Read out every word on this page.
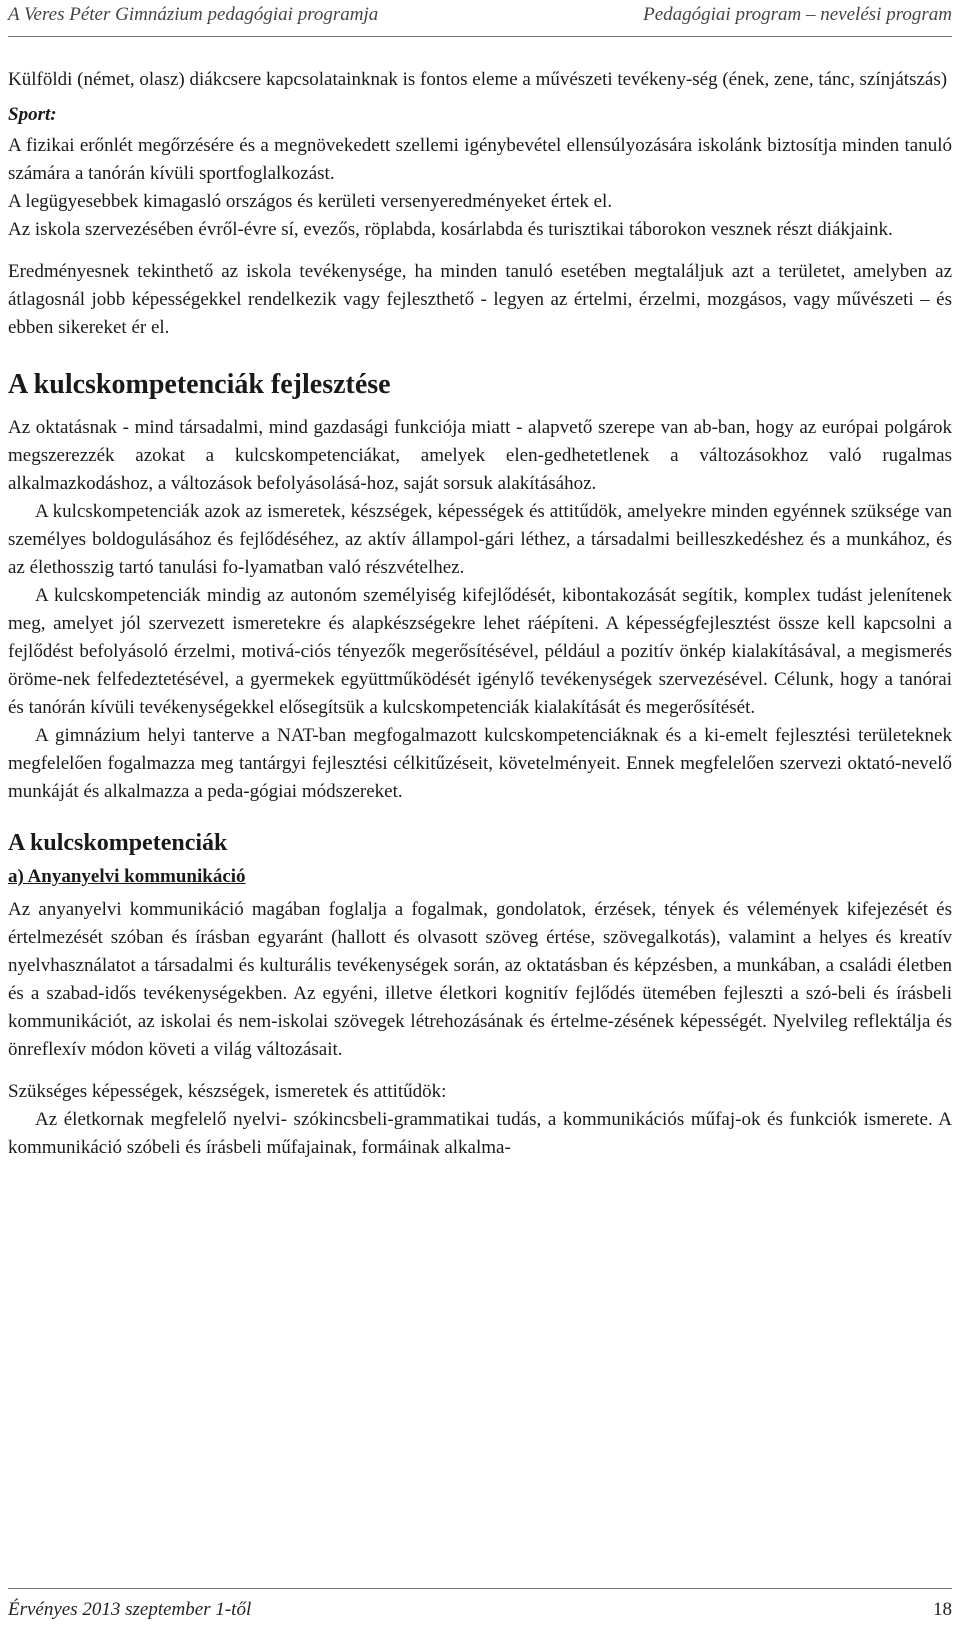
A Veres Péter Gimnázium pedagógiai programja	Pedagógiai program – nevelési program

Külföldi (német, olasz) diákcsere kapcsolatainknak is fontos eleme a művészeti tevékeny-ség (ének, zene, tánc, színjátszás)

Sport:

A fizikai erőnlét megőrzésére és a megnövekedett szellemi igénybevétel ellensúlyozására iskolánk biztosítja minden tanuló számára a tanórán kívüli sportfoglalkozást.

A legügyesebbek kimagasló országos és kerületi versenyeredményeket értek el.

Az iskola szervezésében évről-évre sí, evezős, röplabda, kosárlabda és turisztikai táborokon vesznek részt diákjaink.

Eredményesnek tekinthető az iskola tevékenysége, ha minden tanuló esetében megtaláljuk azt a területet, amelyben az átlagosnál jobb képességekkel rendelkezik vagy fejleszthető - legyen az értelmi, érzelmi, mozgásos, vagy művészeti – és ebben sikereket ér el.

A kulcskompetenciák fejlesztése

Az oktatásnak - mind társadalmi, mind gazdasági funkciója miatt - alapvető szerepe van ab-ban, hogy az európai polgárok megszerezzék azokat a kulcskompetenciákat, amelyek elen-gedhetetlenek a változásokhoz való rugalmas alkalmazkodáshoz, a változások befolyásolásá-hoz, saját sorsuk alakításához.

A kulcskompetenciák azok az ismeretek, készségek, képességek és attitűdök, amelyekre minden egyénnek szüksége van személyes boldogulásához és fejlődéséhez, az aktív állampol-gári léthez, a társadalmi beilleszkedéshez és a munkához, és az élethosszig tartó tanulási fo-lyamatban való részvételhez.

A kulcskompetenciák mindig az autonóm személyiség kifejlődését, kibontakozását segítik, komplex tudást jelenítenek meg, amelyet jól szervezett ismeretekre és alapkészségekre lehet ráépíteni. A képességfejlesztést össze kell kapcsolni a fejlődést befolyásoló érzelmi, motivá-ciós tényezők megerősítésével, például a pozitív önkép kialakításával, a megismerés öröme-nek felfedeztetésével, a gyermekek együttműködését igénylő tevékenységek szervezésével. Célunk, hogy a tanórai és tanórán kívüli tevékenységekkel elősegítsük a kulcskompetenciák kialakítását és megerősítését.

A gimnázium helyi tanterve a NAT-ban megfogalmazott kulcskompetenciáknak és a ki-emelt fejlesztési területeknek megfelelően fogalmazza meg tantárgyi fejlesztési célkitűzéseit, követelményeit. Ennek megfelelően szervezi oktató-nevelő munkáját és alkalmazza a peda-gógiai módszereket.

A kulcskompetenciák
a) Anyanyelvi kommunikáció

Az anyanyelvi kommunikáció magában foglalja a fogalmak, gondolatok, érzések, tények és vélemények kifejezését és értelmezését szóban és írásban egyaránt (hallott és olvasott szöveg értése, szövegalkotás), valamint a helyes és kreatív nyelvhasználatot a társadalmi és kulturális tevékenységek során, az oktatásban és képzésben, a munkában, a családi életben és a szabad-idős tevékenységekben. Az egyéni, illetve életkori kognitív fejlődés ütemében fejleszti a szó-beli és írásbeli kommunikációt, az iskolai és nem-iskolai szövegek létrehozásának és értelme-zésének képességét. Nyelvileg reflektálja és önreflexív módon követi a világ változásait.

Szükséges képességek, készségek, ismeretek és attitűdök:

Az életkornak megfelelő nyelvi- szókincsbeli-grammatikai tudás, a kommunikációs műfaj-ok és funkciók ismerete. A kommunikáció szóbeli és írásbeli műfajainak, formáinak alkalma-

Érvényes 2013 szeptember 1-től	18
